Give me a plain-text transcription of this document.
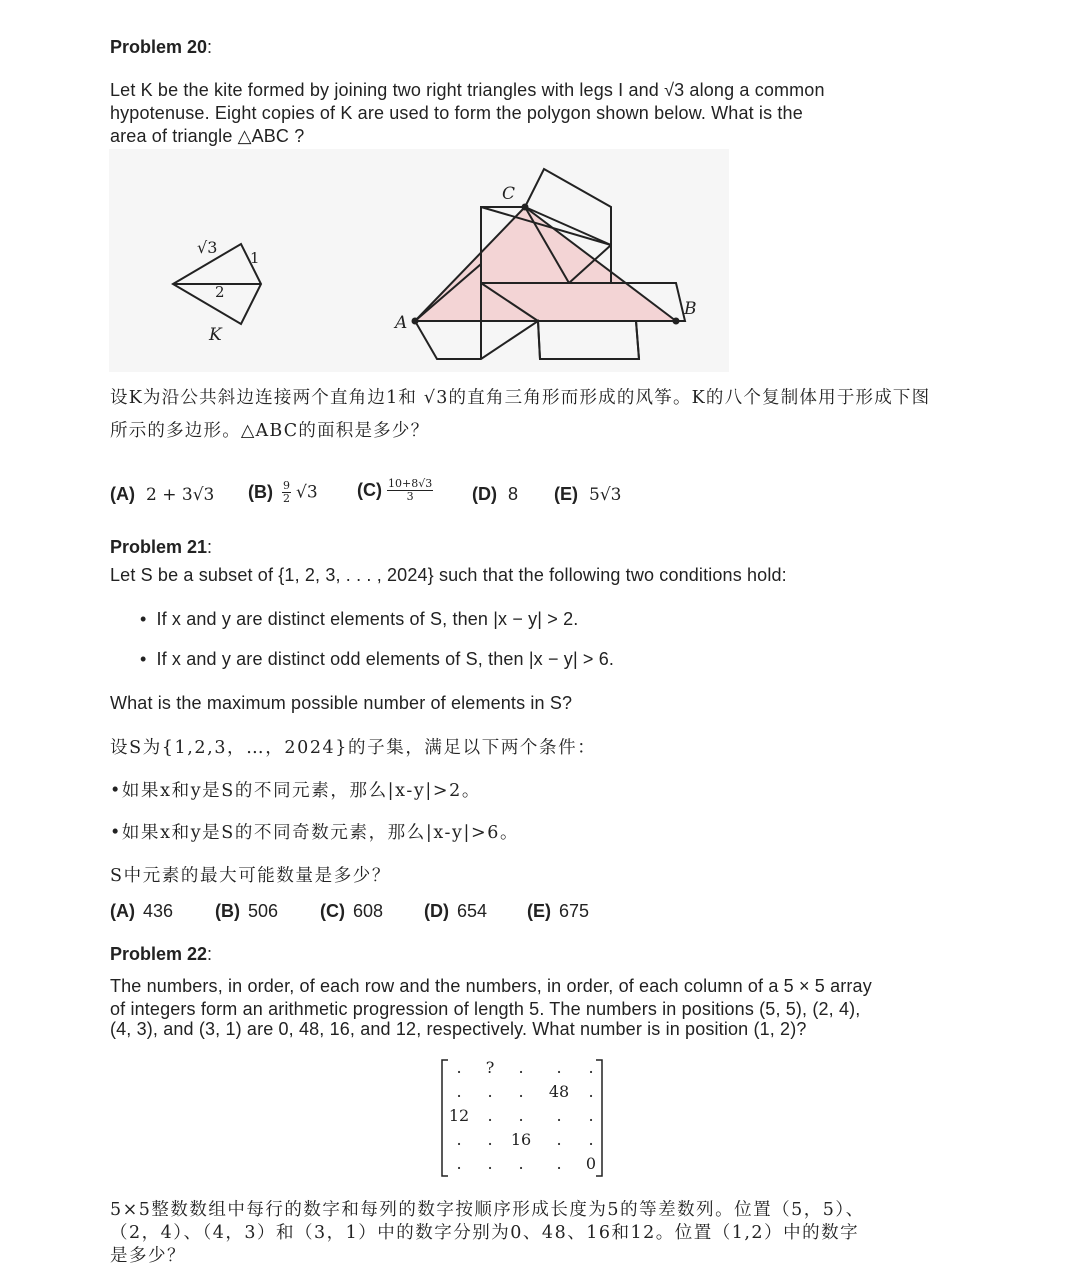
Problem 20:
Let K be the kite formed by joining two right triangles with legs I and √3 along a common
hypotenuse. Eight copies of K are used to form the polygon shown below. What is the
area of triangle △ABC ?
√3
1
2
K
A
C
B
设K为沿公共斜边连接两个直角边1和 √3的直角三角形而形成的风筝。K的八个复制体用于形成下图
所示的多边形。△ABC的面积是多少？
(A) 2 + 3√3 $(B) \frac{9}{2} √3$ $(C) \frac{10+8√3}{3} (D)$ 8 (E) 5√3
Problem 21:
Let S be a subset of {1, 2, 3, . . . , 2024} such that the following two conditions hold:
• If x and y are distinct elements of S, then |x − y| > 2.
• If x and y are distinct odd elements of S, then |x − y| > 6.
What is the maximum possible number of elements in S?
设S为{1,2,3，…，2024}的子集，满足以下两个条件：
•如果x和y是S的不同元素，那么|x-y|>2。
•如果x和y是S的不同奇数元素，那么|x-y|>6。
S中元素的最大可能数量是多少？
(A) 436 (B) 506 (C) 608 (D) 654 (E) 675
Problem 22:
The numbers, in order, of each row and the numbers, in order, of each column of a 5 × 5 array
of integers form an arithmetic progression of length 5. The numbers in positions (5, 5), (2, 4),
(4, 3), and (3, 1) are 0, 48, 16, and 12, respectively. What number is in position (1, 2)?
.	?	.	.	.
.	.	.	48	.
12	.	.	.	.
.	.	16	.	.
.	.	.	.	0
5×5整数数组中每行的数字和每列的数字按顺序形成长度为5的等差数列。位置（5，5）、
（2，4）、（4，3）和（3，1）中的数字分别为0、48、16和12。位置（1,2）中的数字
是多少？
